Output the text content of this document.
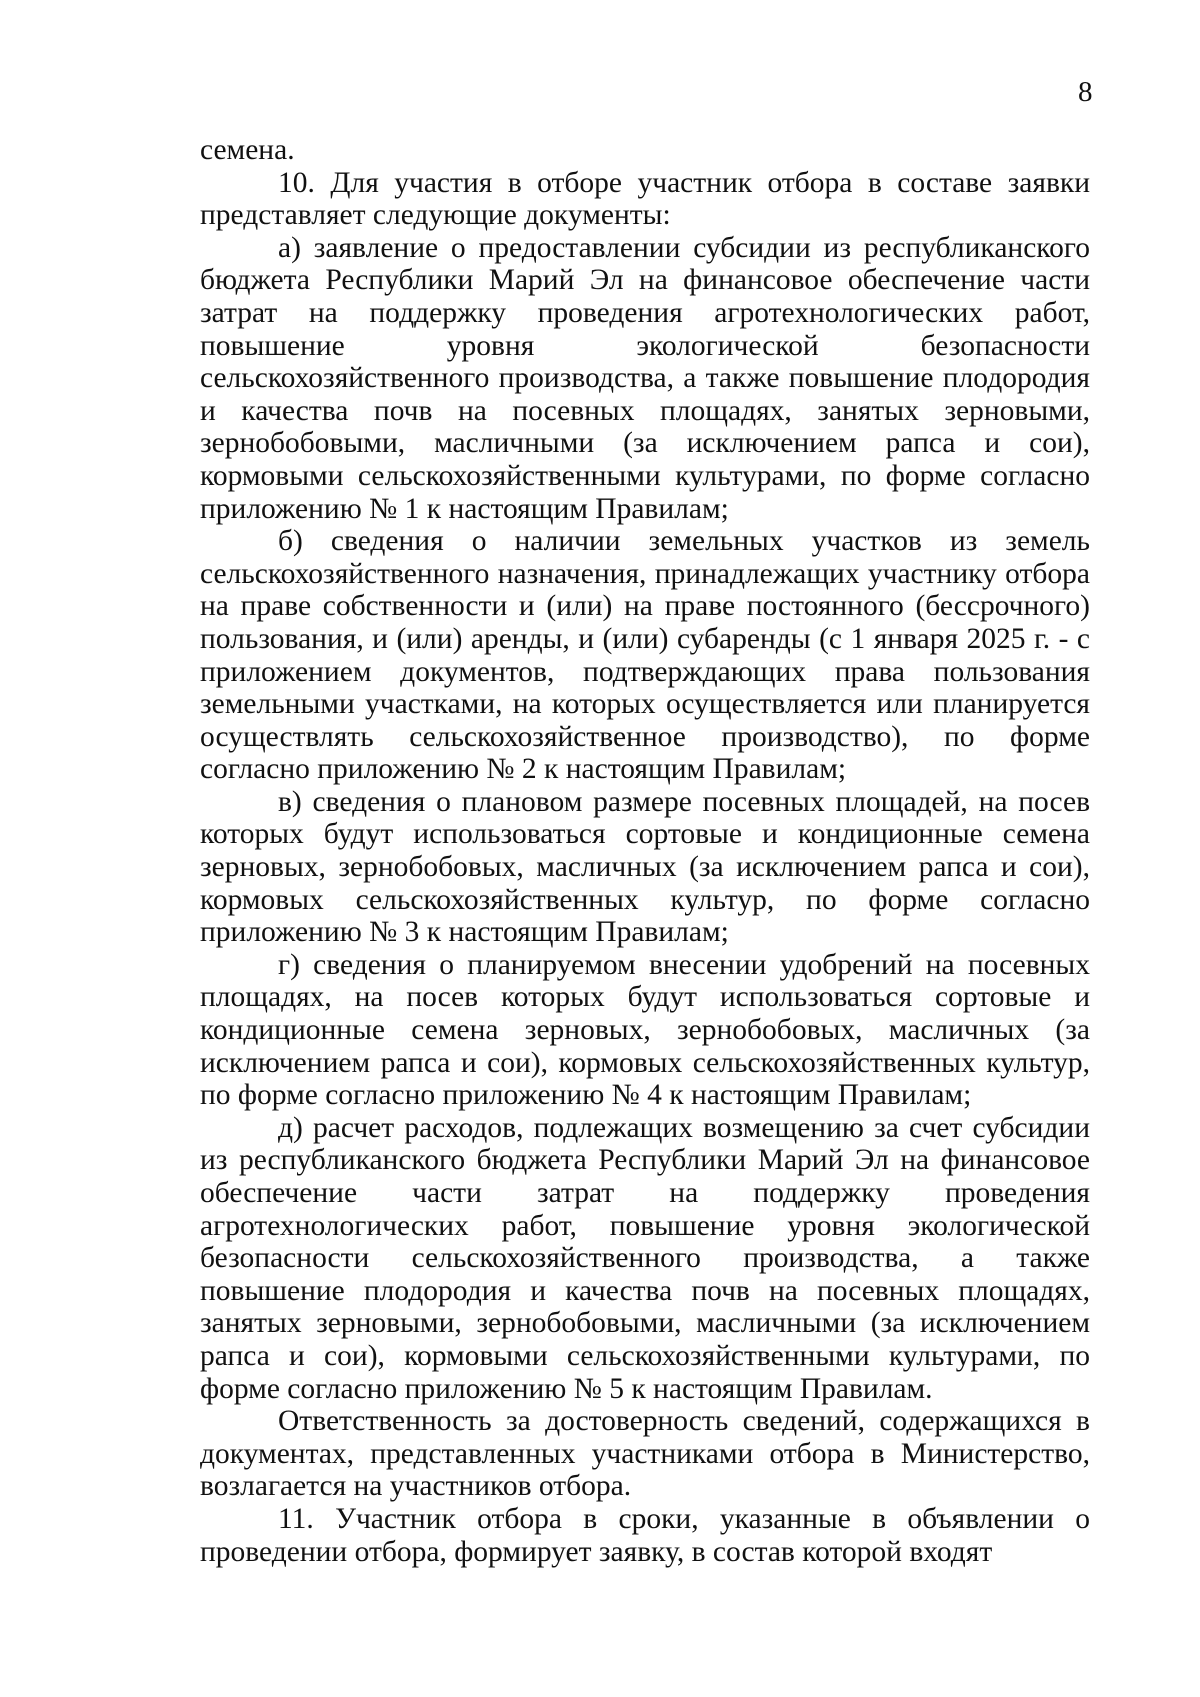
8

семена.

10. Для участия в отборе участник отбора в составе заявки представляет следующие документы:

а) заявление о предоставлении субсидии из республиканского бюджета Республики Марий Эл на финансовое обеспечение части затрат на поддержку проведения агротехнологических работ, повышение уровня экологической безопасности сельскохозяйственного производства, а также повышение плодородия и качества почв на посевных площадях, занятых зерновыми, зернобобовыми, масличными (за исключением рапса и сои), кормовыми сельскохозяйственными культурами, по форме согласно приложению № 1 к настоящим Правилам;

б) сведения о наличии земельных участков из земель сельскохозяйственного назначения, принадлежащих участнику отбора на праве собственности и (или) на праве постоянного (бессрочного) пользования, и (или) аренды, и (или) субаренды (с 1 января 2025 г. - с приложением документов, подтверждающих права пользования земельными участками, на которых осуществляется или планируется осуществлять сельскохозяйственное производство), по форме согласно приложению № 2 к настоящим Правилам;

в) сведения о плановом размере посевных площадей, на посев которых будут использоваться сортовые и кондиционные семена зерновых, зернобобовых, масличных (за исключением рапса и сои), кормовых сельскохозяйственных культур, по форме согласно приложению № 3 к настоящим Правилам;

г) сведения о планируемом внесении удобрений на посевных площадях, на посев которых будут использоваться сортовые и кондиционные семена зерновых, зернобобовых, масличных (за исключением рапса и сои), кормовых сельскохозяйственных культур, по форме согласно приложению № 4 к настоящим Правилам;

д) расчет расходов, подлежащих возмещению за счет субсидии из республиканского бюджета Республики Марий Эл на финансовое обеспечение части затрат на поддержку проведения агротехнологических работ, повышение уровня экологической безопасности сельскохозяйственного производства, а также повышение плодородия и качества почв на посевных площадях, занятых зерновыми, зернобобовыми, масличными (за исключением рапса и сои), кормовыми сельскохозяйственными культурами, по форме согласно приложению № 5 к настоящим Правилам.

Ответственность за достоверность сведений, содержащихся в документах, представленных участниками отбора в Министерство, возлагается на участников отбора.

11. Участник отбора в сроки, указанные в объявлении о проведении отбора, формирует заявку, в состав которой входят
